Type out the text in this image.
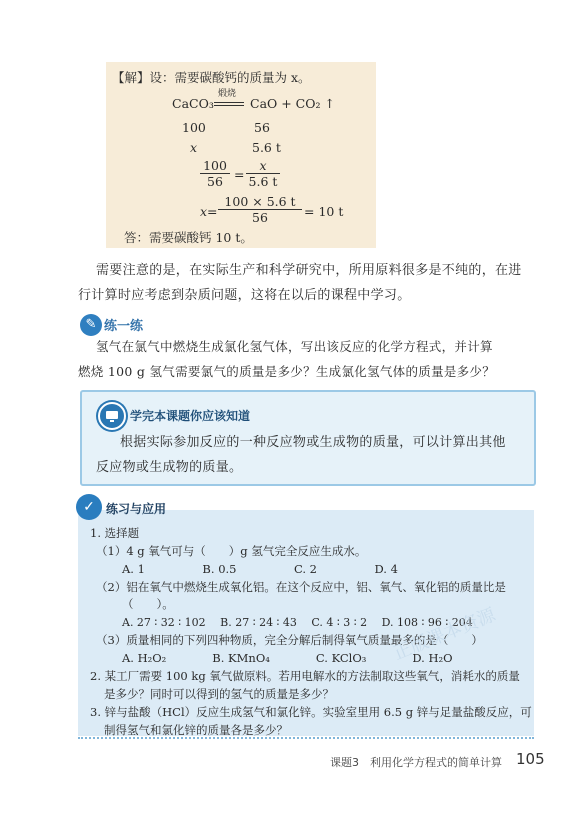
【解】设：需要碳酸钙的质量为 x。
CaCO₃
煅烧
CaO + CO₂ ↑
100	56
x	5.6 t
$\frac{100}{56} = \frac{x}{5.6 t}$
$x= \frac{100 \times 5.6 t}{56} = 10$ t
答：需要碳酸钙 10 t。
需要注意的是，在实际生产和科学研究中，所用原料很多是不纯的，在进
行计算时应考虑到杂质问题，这将在以后的课程中学习。
✎ 练一练
氢气在氯气中燃烧生成氯化氢气体，写出该反应的化学方程式，并计算
燃烧 100 g 氢气需要氯气的质量是多少？生成氯化氢气体的质量是多少？
学完本课题你应该知道
根据实际参加反应的一种反应物或生成物的质量，可以计算出其他
反应物或生成物的质量。
✓ 练习与应用
1. 选择题
（1）4 g 氧气可与（　　）g 氢气完全反应生成水。
A. 1　　　　　B. 0.5　　　　　C. 2　　　　　D. 4
（2）铝在氧气中燃烧生成氧化铝。在这个反应中，铝、氧气、氧化铝的质量比是
（　　）。
A. 27 ∶ 32 ∶ 102　 B. 27 ∶ 24 ∶ 43　 C. 4 ∶ 3 ∶ 2　 D. 108 ∶ 96 ∶ 204
（3）质量相同的下列四种物质，完全分解后制得氧气质量最多的是（　　）
A. H₂O₂　　　　B. KMnO₄　　　　C. KClO₃　　　　D. H₂O
2. 某工厂需要 100 kg 氧气做原料。若用电解水的方法制取这些氧气，消耗水的质量
是多少？同时可以得到的氢气的质量是多少？
3. 锌与盐酸（HCl）反应生成氢气和氯化锌。实验室里用 6.5 g 锌与足量盐酸反应，可
制得氢气和氯化锌的质量各是多少？
正版课本资源
课题3　利用化学方程式的简单计算 105
